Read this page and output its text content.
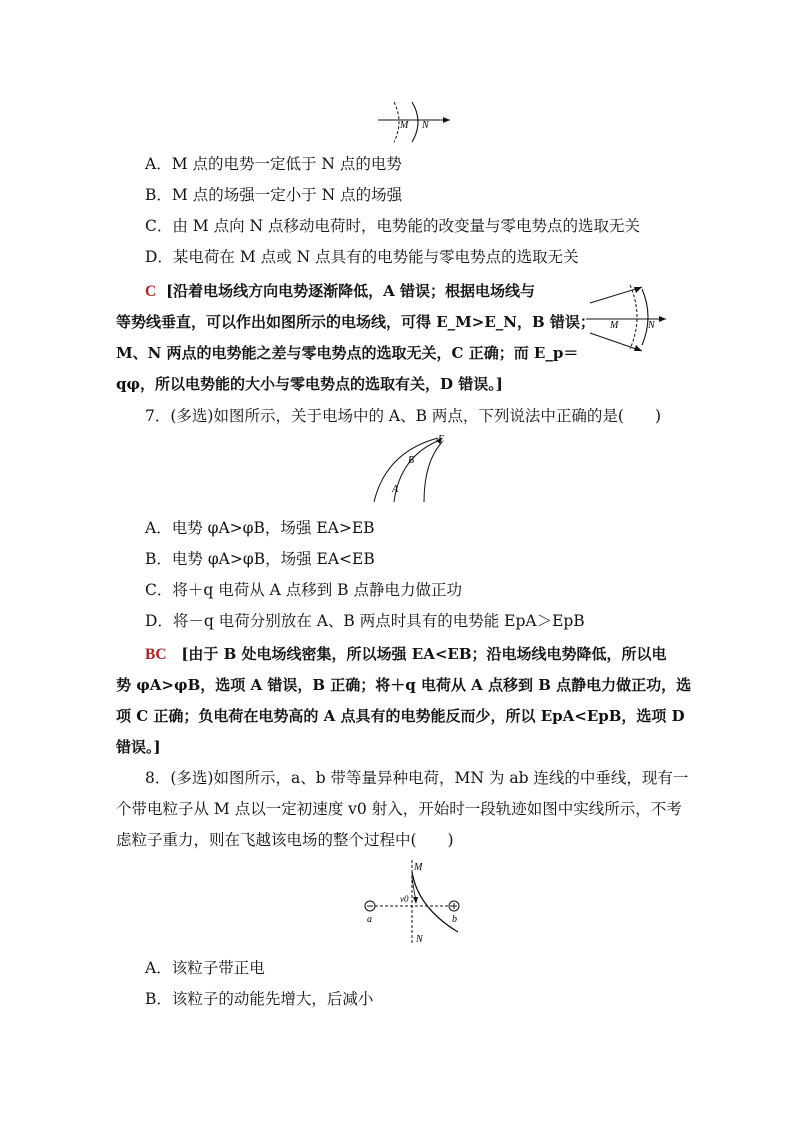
M N
A．M 点的电势一定低于 N 点的电势
B．M 点的场强一定小于 N 点的场强
C．由 M 点向 N 点移动电荷时，电势能的改变量与零电势点的选取无关
D．某电荷在 M 点或 N 点具有的电势能与零电势点的选取无关
C [沿着电场线方向电势逐渐降低，A 错误；根据电场线与
等势线垂直，可以作出如图所示的电场线，可得 E_M>E_N，B 错误；
M、N 两点的电势能之差与零电势点的选取无关，C 正确；而 E_p＝
qφ，所以电势能的大小与零电势点的选取有关，D 错误。]
M	N
7．(多选)如图所示，关于电场中的 A、B 两点，下列说法中正确的是(　　)
E
B
A
A．电势 φA>φB，场强 EA>EB
B．电势 φA>φB，场强 EA<EB
C．将＋q 电荷从 A 点移到 B 点静电力做正功
D．将－q 电荷分别放在 A、B 两点时具有的电势能 EpA＞EpB
BC [由于 B 处电场线密集，所以场强 EA<EB；沿电场线电势降低，所以电
势 φA>φB，选项 A 错误，B 正确；将＋q 电荷从 A 点移到 B 点静电力做正功，选
项 C 正确；负电荷在电势高的 A 点具有的电势能反而少，所以 EpA<EpB，选项 D
错误。]
8．(多选)如图所示，a、b 带等量异种电荷，MN 为 ab 连线的中垂线，现有一
个带电粒子从 M 点以一定初速度 v0 射入，开始时一段轨迹如图中实线所示，不考
虑粒子重力，则在飞越该电场的整个过程中(　　)
M
v0
a	b
N
A．该粒子带正电
B．该粒子的动能先增大，后减小
